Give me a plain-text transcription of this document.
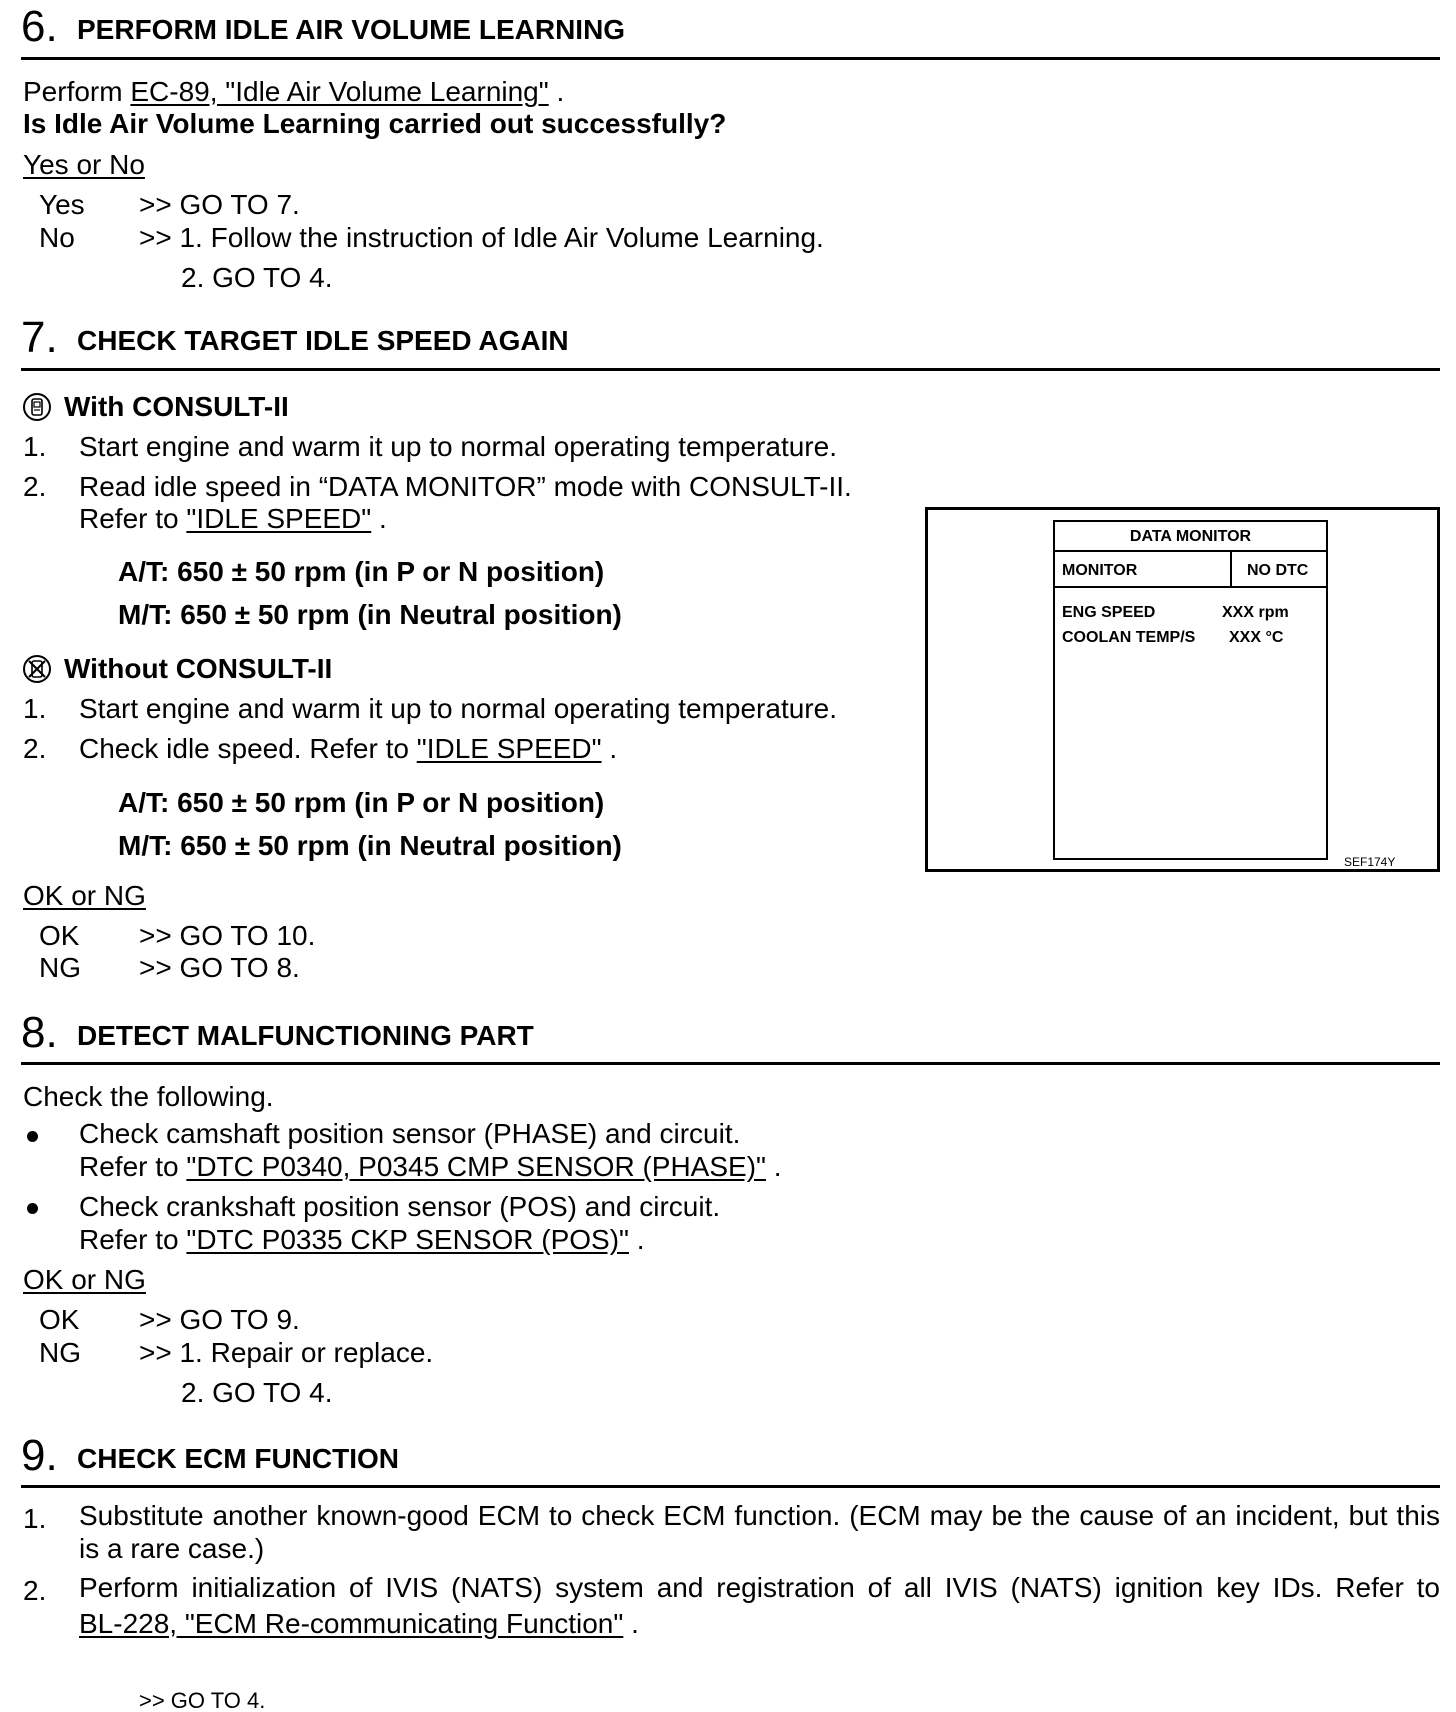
6. PERFORM IDLE AIR VOLUME LEARNING
Perform EC-89, "Idle Air Volume Learning" .
Is Idle Air Volume Learning carried out successfully?
Yes or No
Yes >> GO TO 7.
No >> 1. Follow the instruction of Idle Air Volume Learning.
2. GO TO 4.
7. CHECK TARGET IDLE SPEED AGAIN
With CONSULT-II
1. Start engine and warm it up to normal operating temperature.
2. Read idle speed in “DATA MONITOR” mode with CONSULT-II.
Refer to "IDLE SPEED" .
A/T: 650 ± 50 rpm (in P or N position)
M/T: 650 ± 50 rpm (in Neutral position)
Without CONSULT-II
1. Start engine and warm it up to normal operating temperature.
2. Check idle speed. Refer to "IDLE SPEED" .
A/T: 650 ± 50 rpm (in P or N position)
M/T: 650 ± 50 rpm (in Neutral position)
OK or NG
OK >> GO TO 10.
NG >> GO TO 8.
DATA MONITOR
MONITOR	NO DTC
ENG SPEED	XXX rpm
COOLAN TEMP/S XXX °C
SEF174Y
8. DETECT MALFUNCTIONING PART
Check the following.
Check camshaft position sensor (PHASE) and circuit.
Refer to "DTC P0340, P0345 CMP SENSOR (PHASE)" .
Check crankshaft position sensor (POS) and circuit.
Refer to "DTC P0335 CKP SENSOR (POS)" .
OK or NG
OK >> GO TO 9.
NG >> 1. Repair or replace.
2. GO TO 4.
9. CHECK ECM FUNCTION
1. Substitute another known-good ECM to check ECM function. (ECM may be the cause of an incident, but this is a rare case.)
2. Perform initialization of IVIS (NATS) system and registration of all IVIS (NATS) ignition key IDs. Refer to
BL-228, "ECM Re-communicating Function" .
>> GO TO 4.
